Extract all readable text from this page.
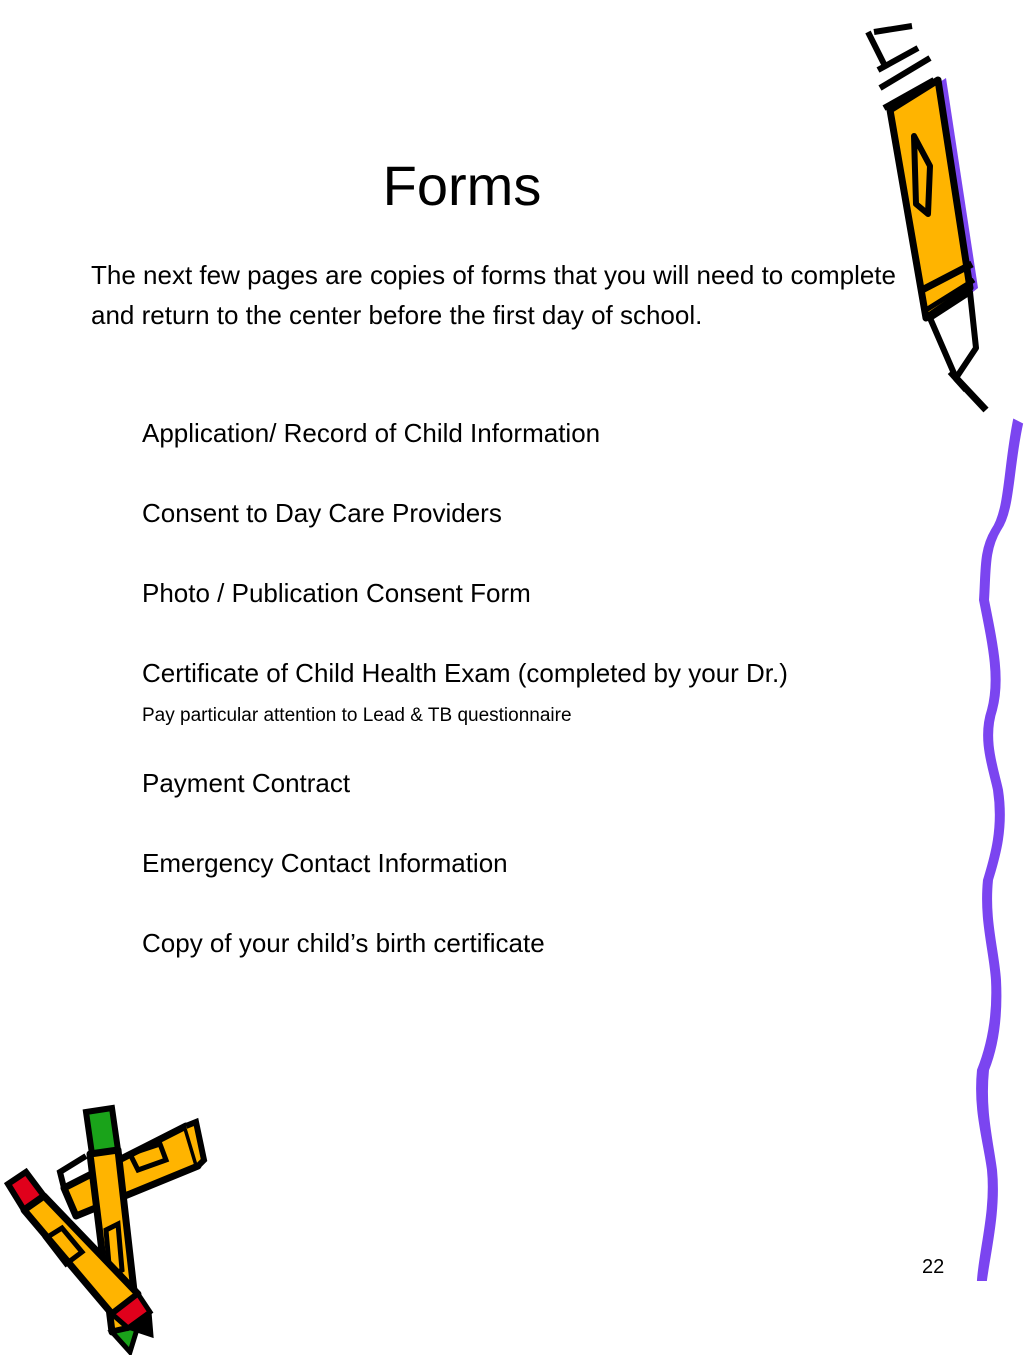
Forms

The next few pages are copies of forms that you will need to complete and return to the center before the first day of school.

Application/ Record of Child Information
Consent to Day Care Providers
Photo / Publication Consent Form
Certificate of Child Health Exam (completed by your Dr.)
Pay particular attention to Lead & TB questionnaire
Payment Contract
Emergency Contact Information
Copy of your child’s birth certificate
22
